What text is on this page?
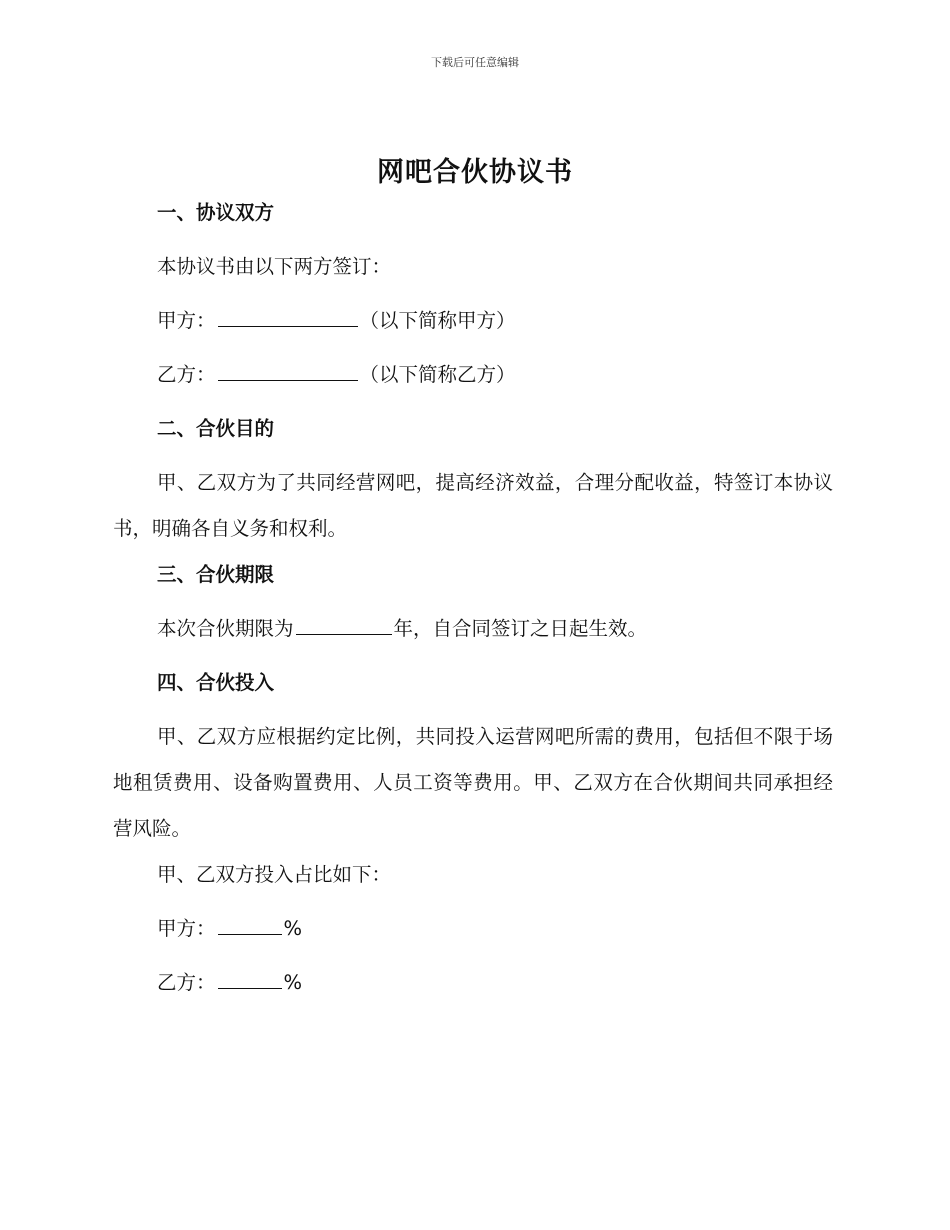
下载后可任意编辑
网吧合伙协议书
一、协议双方
本协议书由以下两方签订：
甲方：	（以下简称甲方）
乙方：	（以下简称乙方）
二、合伙目的
甲、乙双方为了共同经营网吧，提高经济效益，合理分配收益，特签订本协议书，明确各自义务和权利。
三、合伙期限
本次合伙期限为	年，自合同签订之日起生效。
四、合伙投入
甲、乙双方应根据约定比例，共同投入运营网吧所需的费用，包括但不限于场地租赁费用、设备购置费用、人员工资等费用。甲、乙双方在合伙期间共同承担经营风险。
甲、乙双方投入占比如下：
甲方：	%
乙方：	%
